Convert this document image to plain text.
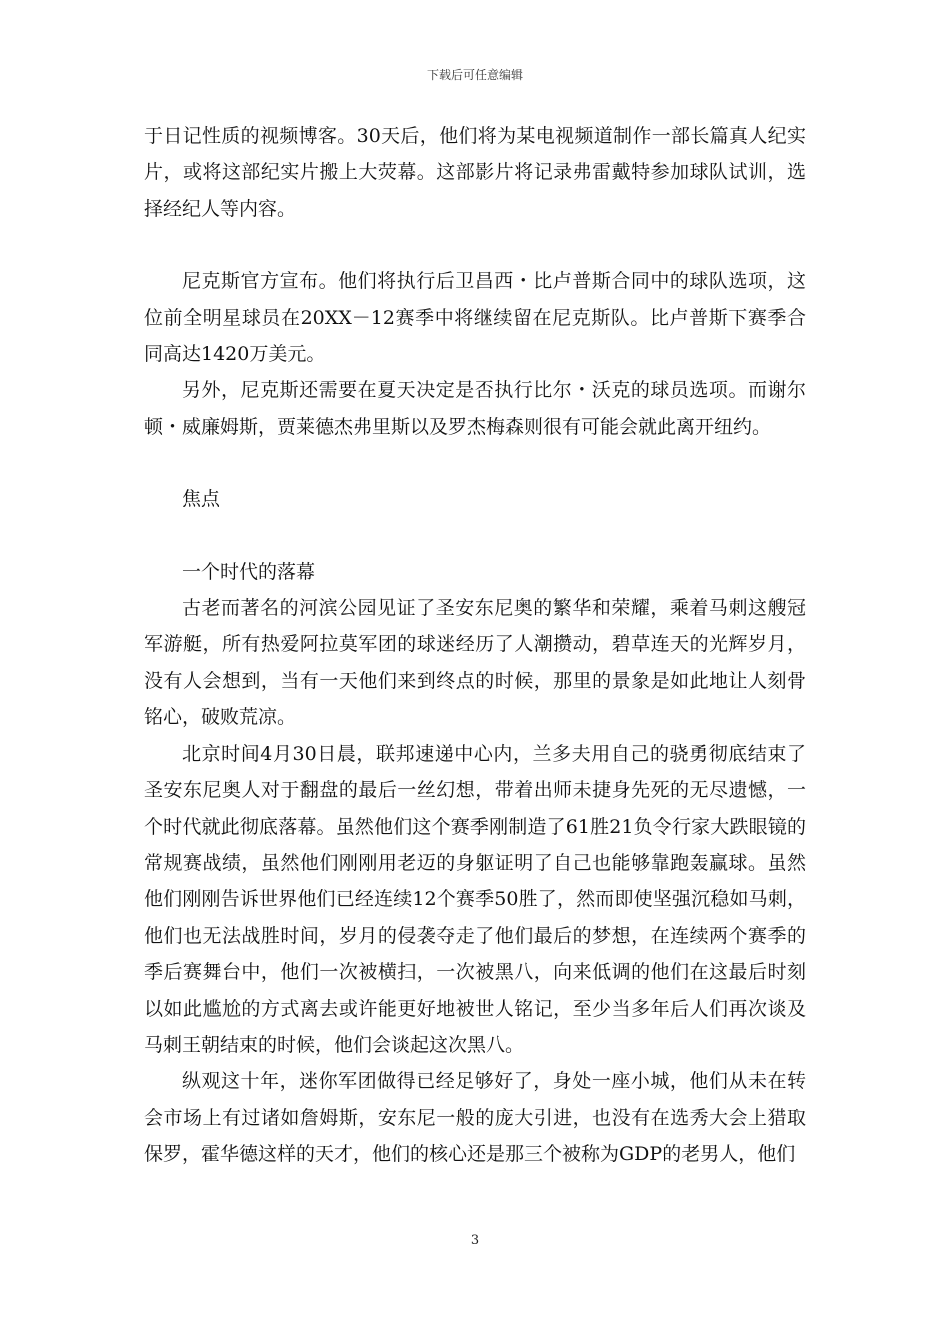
下载后可任意编辑

于日记性质的视频博客。30天后，他们将为某电视频道制作一部长篇真人纪实片，或将这部纪实片搬上大荧幕。这部影片将记录弗雷戴特参加球队试训，选择经纪人等内容。

尼克斯官方宣布。他们将执行后卫昌西・比卢普斯合同中的球队选项，这位前全明星球员在20XX－12赛季中将继续留在尼克斯队。比卢普斯下赛季合同高达1420万美元。

另外，尼克斯还需要在夏天决定是否执行比尔・沃克的球员选项。而谢尔顿・威廉姆斯，贾莱德杰弗里斯以及罗杰梅森则很有可能会就此离开纽约。

焦点

一个时代的落幕

古老而著名的河滨公园见证了圣安东尼奥的繁华和荣耀，乘着马刺这艘冠军游艇，所有热爱阿拉莫军团的球迷经历了人潮攒动，碧草连天的光辉岁月，没有人会想到，当有一天他们来到终点的时候，那里的景象是如此地让人刻骨铭心，破败荒凉。

北京时间4月30日晨，联邦速递中心内，兰多夫用自己的骁勇彻底结束了圣安东尼奥人对于翻盘的最后一丝幻想，带着出师未捷身先死的无尽遗憾，一个时代就此彻底落幕。虽然他们这个赛季刚制造了61胜21负令行家大跌眼镜的常规赛战绩，虽然他们刚刚用老迈的身躯证明了自己也能够靠跑轰赢球。虽然他们刚刚告诉世界他们已经连续12个赛季50胜了，然而即使坚强沉稳如马刺，他们也无法战胜时间，岁月的侵袭夺走了他们最后的梦想，在连续两个赛季的季后赛舞台中，他们一次被横扫，一次被黑八，向来低调的他们在这最后时刻以如此尴尬的方式离去或许能更好地被世人铭记，至少当多年后人们再次谈及马刺王朝结束的时候，他们会谈起这次黑八。

纵观这十年，迷你军团做得已经足够好了，身处一座小城，他们从未在转会市场上有过诸如詹姆斯，安东尼一般的庞大引进，也没有在选秀大会上猎取保罗，霍华德这样的天才，他们的核心还是那三个被称为GDP的老男人，他们

3
